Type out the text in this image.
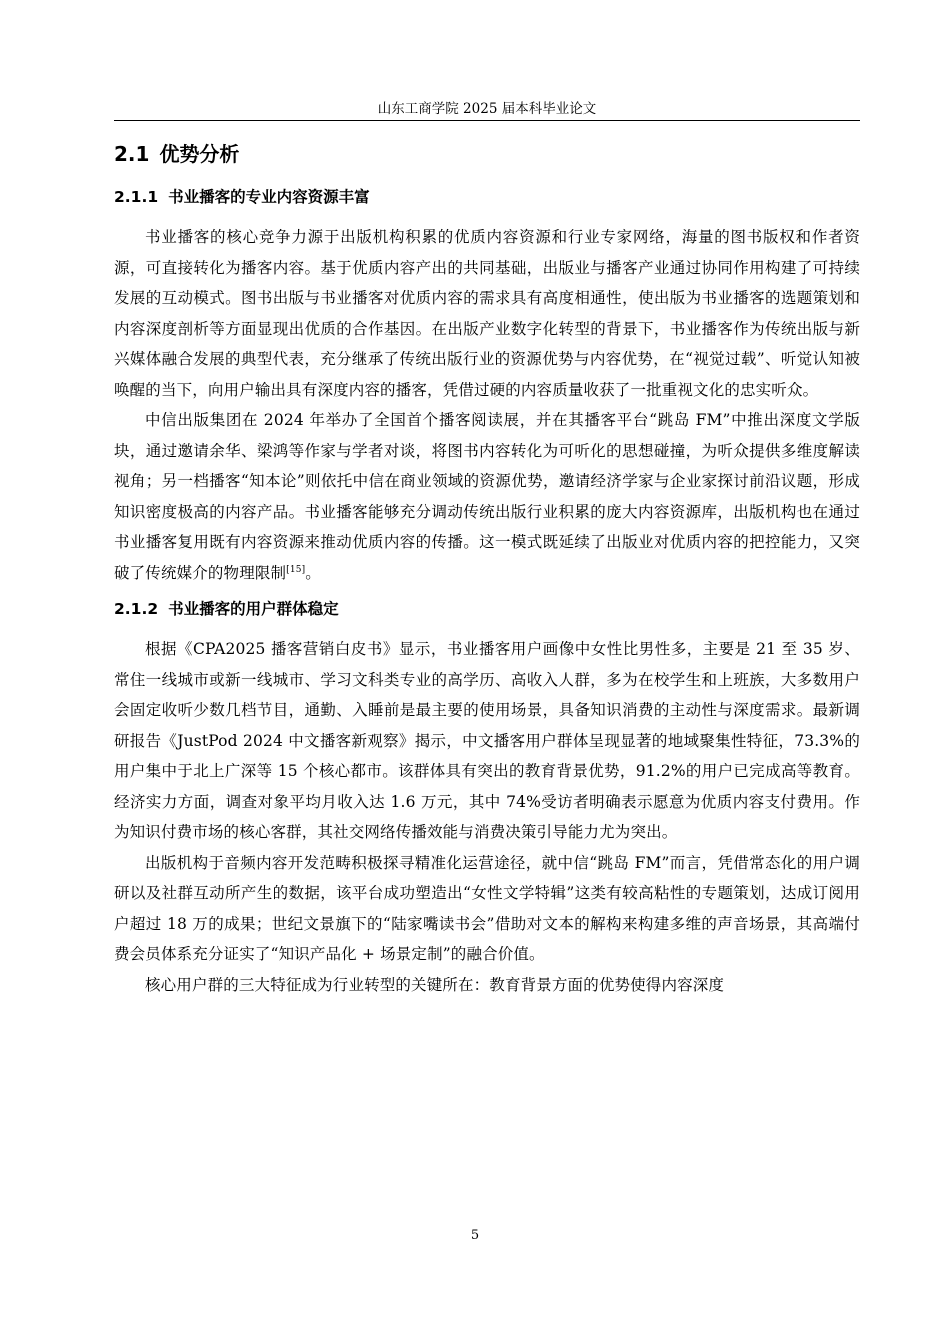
山东工商学院 2025 届本科毕业论文
2.1 优势分析
2.1.1 书业播客的专业内容资源丰富

书业播客的核心竞争力源于出版机构积累的优质内容资源和行业专家网络，海量的图书版权和作者资源，可直接转化为播客内容。基于优质内容产出的共同基础，出版业与播客产业通过协同作用构建了可持续发展的互动模式。图书出版与书业播客对优质内容的需求具有高度相通性，使出版为书业播客的选题策划和内容深度剖析等方面显现出优质的合作基因。在出版产业数字化转型的背景下，书业播客作为传统出版与新兴媒体融合发展的典型代表，充分继承了传统出版行业的资源优势与内容优势，在“视觉过载”、听觉认知被唤醒的当下，向用户输出具有深度内容的播客，凭借过硬的内容质量收获了一批重视文化的忠实听众。

中信出版集团在 2024 年举办了全国首个播客阅读展，并在其播客平台“跳岛 FM”中推出深度文学版块，通过邀请余华、梁鸿等作家与学者对谈，将图书内容转化为可听化的思想碰撞，为听众提供多维度解读视角；另一档播客“知本论”则依托中信在商业领域的资源优势，邀请经济学家与企业家探讨前沿议题，形成知识密度极高的内容产品。书业播客能够充分调动传统出版行业积累的庞大内容资源库，出版机构也在通过书业播客复用既有内容资源来推动优质内容的传播。这一模式既延续了出版业对优质内容的把控能力，又突破了传统媒介的物理限制[15]。

2.1.2 书业播客的用户群体稳定

根据《CPA2025 播客营销白皮书》显示，书业播客用户画像中女性比男性多，主要是 21 至 35 岁、常住一线城市或新一线城市、学习文科类专业的高学历、高收入人群，多为在校学生和上班族，大多数用户会固定收听少数几档节目，通勤、入睡前是最主要的使用场景，具备知识消费的主动性与深度需求。最新调研报告《JustPod 2024 中文播客新观察》揭示，中文播客用户群体呈现显著的地域聚集性特征，73.3%的用户集中于北上广深等 15 个核心都市。该群体具有突出的教育背景优势，91.2%的用户已完成高等教育。经济实力方面，调查对象平均月收入达 1.6 万元，其中 74%受访者明确表示愿意为优质内容支付费用。作为知识付费市场的核心客群，其社交网络传播效能与消费决策引导能力尤为突出。

出版机构于音频内容开发范畴积极探寻精准化运营途径，就中信“跳岛 FM”而言，凭借常态化的用户调研以及社群互动所产生的数据，该平台成功塑造出“女性文学特辑”这类有较高粘性的专题策划，达成订阅用户超过 18 万的成果；世纪文景旗下的“陆家嘴读书会”借助对文本的解构来构建多维的声音场景，其高端付费会员体系充分证实了“知识产品化 + 场景定制”的融合价值。

核心用户群的三大特征成为行业转型的关键所在：教育背景方面的优势使得内容深度

5
